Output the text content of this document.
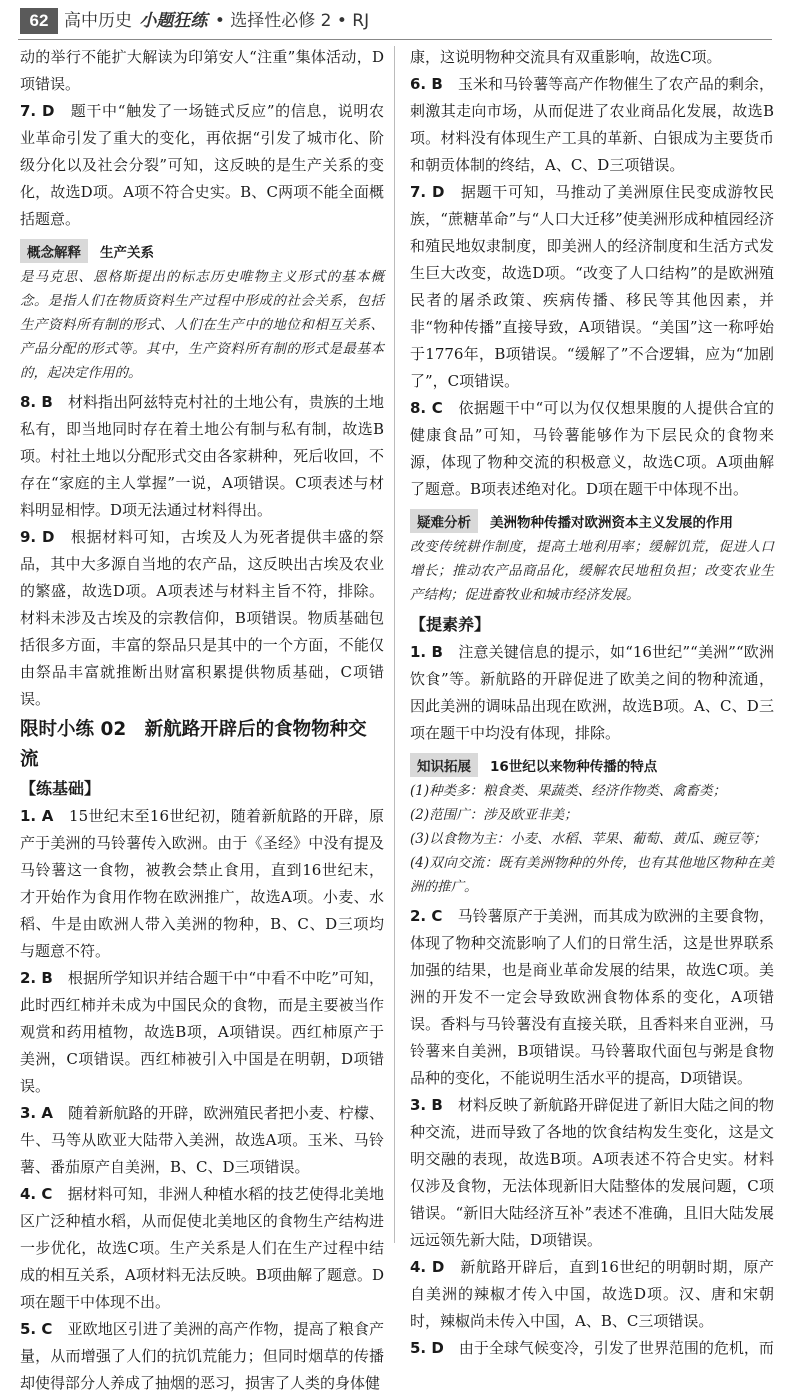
62 高中历史 小题狂练 • 选择性必修 2 • RJ

动的举行不能扩大解读为印第安人“注重”集体活动，D项错误。

7. D　 题干中“触发了一场链式反应”的信息，说明农业革命引发了重大的变化，再依据“引发了城市化、阶级分化以及社会分裂”可知，这反映的是生产关系的变化，故选D项。A项不符合史实。B、C两项不能全面概括题意。

概念解释	生产关系
是马克思、恩格斯提出的标志历史唯物主义形式的基本概念。是指人们在物质资料生产过程中形成的社会关系，包括生产资料所有制的形式、人们在生产中的地位和相互关系、产品分配的形式等。其中，生产资料所有制的形式是最基本的，起决定作用的。

8. B　 材料指出阿兹特克村社的土地公有，贵族的土地私有，即当地同时存在着土地公有制与私有制，故选B项。村社土地以分配形式交由各家耕种，死后收回，不存在“家庭的主人掌握”一说，A项错误。C项表述与材料明显相悖。D项无法通过材料得出。

9. D　 根据材料可知，古埃及人为死者提供丰盛的祭品，其中大多源自当地的农产品，这反映出古埃及农业的繁盛，故选D项。A项表述与材料主旨不符，排除。材料未涉及古埃及的宗教信仰，B项错误。物质基础包括很多方面，丰富的祭品只是其中的一个方面，不能仅由祭品丰富就推断出财富积累提供物质基础，C项错误。

限时小练 02　新航路开辟后的食物物种交流
【练基础】

1. A　 15世纪末至16世纪初，随着新航路的开辟，原产于美洲的马铃薯传入欧洲。由于《圣经》中没有提及马铃薯这一食物，被教会禁止食用，直到16世纪末，才开始作为食用作物在欧洲推广，故选A项。小麦、水稻、牛是由欧洲人带入美洲的物种，B、C、D三项均与题意不符。

2. B　 根据所学知识并结合题干中“中看不中吃”可知，此时西红柿并未成为中国民众的食物，而是主要被当作观赏和药用植物，故选B项，A项错误。西红柿原产于美洲，C项错误。西红柿被引入中国是在明朝，D项错误。

3. A　 随着新航路的开辟，欧洲殖民者把小麦、柠檬、牛、马等从欧亚大陆带入美洲，故选A项。玉米、马铃薯、番茄原产自美洲，B、C、D三项错误。

4. C　 据材料可知，非洲人种植水稻的技艺使得北美地区广泛种植水稻，从而促使北美地区的食物生产结构进一步优化，故选C项。生产关系是人们在生产过程中结成的相互关系，A项材料无法反映。B项曲解了题意。D项在题干中体现不出。

5. C　 亚欧地区引进了美洲的高产作物，提高了粮食产量，从而增强了人们的抗饥荒能力；但同时烟草的传播却使得部分人养成了抽烟的恶习，损害了人类的身体健

康，这说明物种交流具有双重影响，故选C项。

6. B　 玉米和马铃薯等高产作物催生了农产品的剩余，刺激其走向市场，从而促进了农业商品化发展，故选B项。材料没有体现生产工具的革新、白银成为主要货币和朝贡体制的终结，A、C、D三项错误。

7. D　 据题干可知，马推动了美洲原住民变成游牧民族，“蔗糖革命”与“人口大迁移”使美洲形成种植园经济和殖民地奴隶制度，即美洲人的经济制度和生活方式发生巨大改变，故选D项。“改变了人口结构”的是欧洲殖民者的屠杀政策、疾病传播、移民等其他因素，并非“物种传播”直接导致，A项错误。“美国”这一称呼始于1776年，B项错误。“缓解了”不合逻辑，应为“加剧了”，C项错误。

8. C　 依据题干中“可以为仅仅想果腹的人提供合宜的健康食品”可知，马铃薯能够作为下层民众的食物来源，体现了物种交流的积极意义，故选C项。A项曲解了题意。B项表述绝对化。D项在题干中体现不出。

疑难分析	美洲物种传播对欧洲资本主义发展的作用
改变传统耕作制度，提高土地利用率；缓解饥荒，促进人口增长；推动农产品商品化，缓解农民地租负担；改变农业生产结构；促进畜牧业和城市经济发展。
【提素养】

1. B　 注意关键信息的提示，如“16世纪”“美洲”“欧洲饮食”等。新航路的开辟促进了欧美之间的物种流通，因此美洲的调味品出现在欧洲，故选B项。A、C、D三项在题干中均没有体现，排除。

知识拓展	16世纪以来物种传播的特点
(1)种类多：粮食类、果蔬类、经济作物类、禽畜类；
(2)范围广：涉及欧亚非美；
(3)以食物为主：小麦、水稻、苹果、葡萄、黄瓜、豌豆等；
(4)双向交流：既有美洲物种的外传，也有其他地区物种在美洲的推广。

2. C　 马铃薯原产于美洲，而其成为欧洲的主要食物，体现了物种交流影响了人们的日常生活，这是世界联系加强的结果，也是商业革命发展的结果，故选C项。美洲的开发不一定会导致欧洲食物体系的变化，A项错误。香料与马铃薯没有直接关联，且香料来自亚洲，马铃薯来自美洲，B项错误。马铃薯取代面包与粥是食物品种的变化，不能说明生活水平的提高，D项错误。

3. B　 材料反映了新航路开辟促进了新旧大陆之间的物种交流，进而导致了各地的饮食结构发生变化，这是文明交融的表现，故选B项。A项表述不符合史实。材料仅涉及食物，无法体现新旧大陆整体的发展问题，C项错误。“新旧大陆经济互补”表述不准确，且旧大陆发展远远领先新大陆，D项错误。

4. D　 新航路开辟后，直到16世纪的明朝时期，原产自美洲的辣椒才传入中国，故选D项。汉、唐和宋朝时，辣椒尚未传入中国，A、B、C三项错误。

5. D　 由于全球气候变冷，引发了世界范围的危机，而
